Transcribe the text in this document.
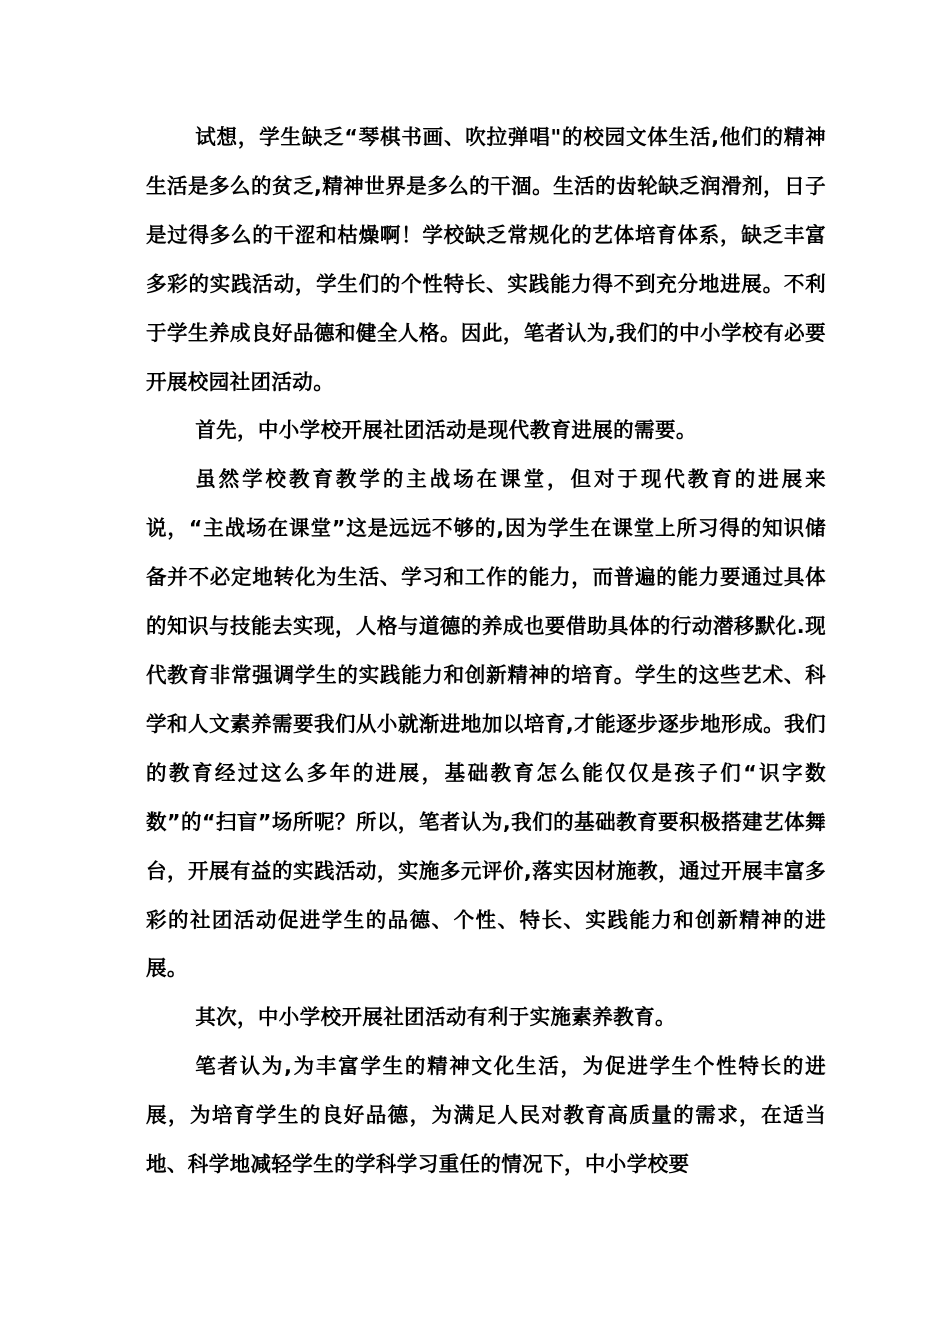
试想，学生缺乏“琴棋书画、吹拉弹唱"的校园文体生活,他们的精神生活是多么的贫乏,精神世界是多么的干涸。生活的齿轮缺乏润滑剂，日子是过得多么的干涩和枯燥啊！学校缺乏常规化的艺体培育体系，缺乏丰富多彩的实践活动，学生们的个性特长、实践能力得不到充分地进展。不利于学生养成良好品德和健全人格。因此，笔者认为,我们的中小学校有必要开展校园社团活动。

首先，中小学校开展社团活动是现代教育进展的需要。

虽然学校教育教学的主战场在课堂，但对于现代教育的进展来说，“主战场在课堂”这是远远不够的,因为学生在课堂上所习得的知识储备并不必定地转化为生活、学习和工作的能力，而普遍的能力要通过具体的知识与技能去实现，人格与道德的养成也要借助具体的行动潜移默化.现代教育非常强调学生的实践能力和创新精神的培育。学生的这些艺术、科学和人文素养需要我们从小就渐进地加以培育,才能逐步逐步地形成。我们的教育经过这么多年的进展，基础教育怎么能仅仅是孩子们“识字数数”的“扫盲”场所呢？所以，笔者认为,我们的基础教育要积极搭建艺体舞台，开展有益的实践活动，实施多元评价,落实因材施教，通过开展丰富多彩的社团活动促进学生的品德、个性、特长、实践能力和创新精神的进展。

其次，中小学校开展社团活动有利于实施素养教育。

笔者认为,为丰富学生的精神文化生活，为促进学生个性特长的进展，为培育学生的良好品德，为满足人民对教育高质量的需求，在适当地、科学地减轻学生的学科学习重任的情况下，中小学校要
